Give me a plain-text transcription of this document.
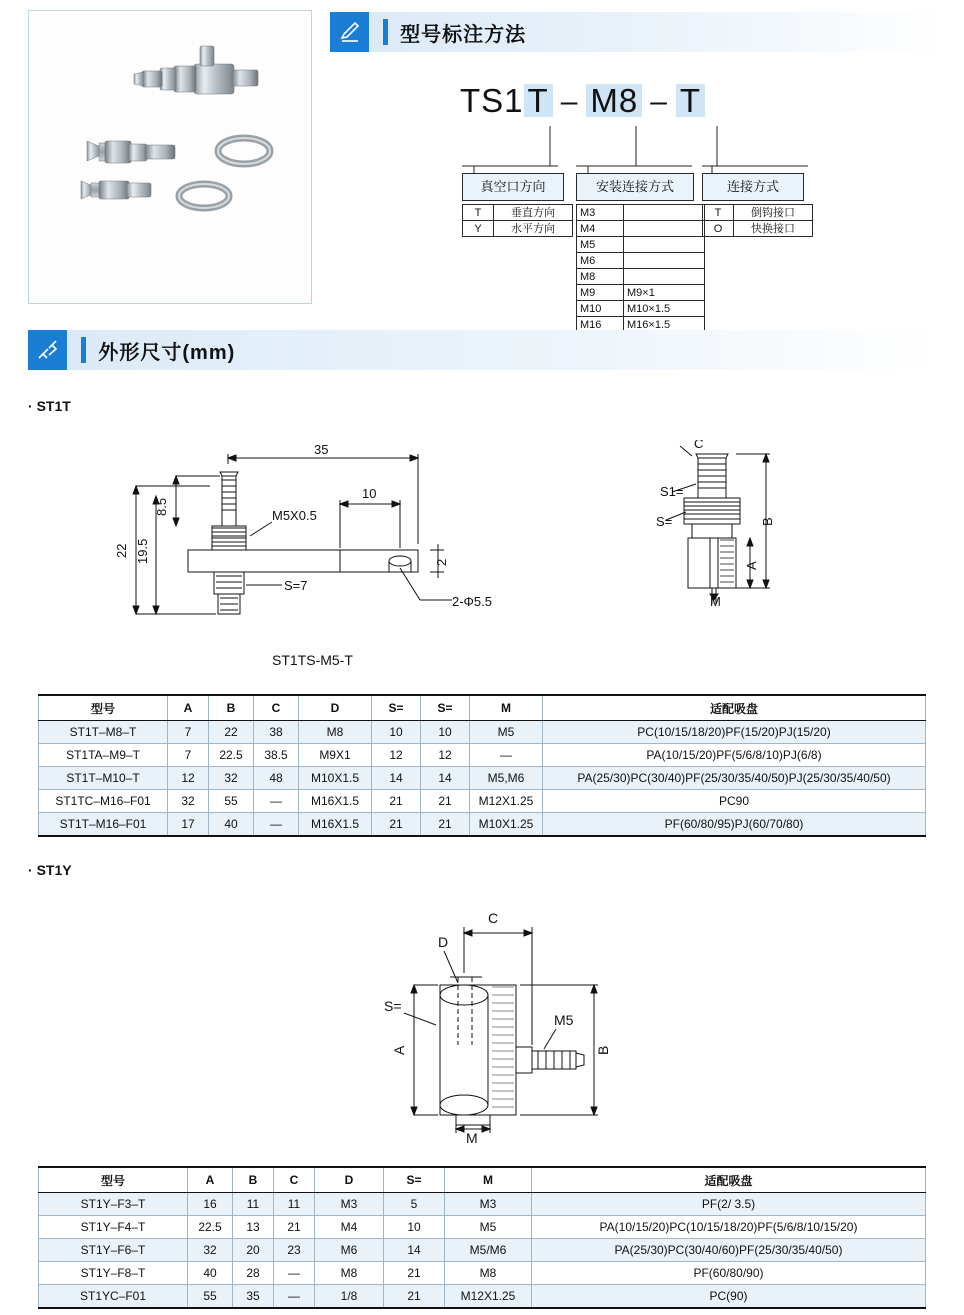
型号标注方法
TS1 T – M8 – T
真空口方向
T	垂直方向
Y	水平方向
安装连接方式
M3	
M4	
M5	
M6	
M8	
M9	M9×1
M10	M10×1.5
M16	M16×1.5

连接方式
T	倒钩接口
O	快换接口
外形尺寸(mm)
· ST1T
35
8.5
22 19.5
M5X0.5
10
2
S=7
2-Φ5.5
C
S1=
S=	B
A
M
ST1TS-M5-T
型号	A	B	C	D	S=	S=	M	适配吸盘
ST1T–M8–T	7	22	38	M8	10	10	M5	PC(10/15/18/20)PF(15/20)PJ(15/20)
ST1TA–M9–T	7	22.5	38.5	M9X1	12	12	—	PA(10/15/20)PF(5/6/8/10)PJ(6/8)
ST1T–M10–T	12	32	48	M10X1.5	14	14	M5,M6	PA(25/30)PC(30/40)PF(25/30/35/40/50)PJ(25/30/35/40/50)
ST1TC–M16–F01	32	55	—	M16X1.5	21	21	M12X1.25	PC90
ST1T–M16–F01	17	40	—	M16X1.5	21	21	M10X1.25	PF(60/80/95)PJ(60/70/80)
· ST1Y
C
D
S=
M5
B
A
M
型号	A	B	C	D	S=	M	适配吸盘
ST1Y–F3–T	16	11	11	M3	5	M3	PF(2/ 3.5)
ST1Y–F4–T	22.5	13	21	M4	10	M5	PA(10/15/20)PC(10/15/18/20)PF(5/6/8/10/15/20)
ST1Y–F6–T	32	20	23	M6	14	M5/M6	PA(25/30)PC(30/40/60)PF(25/30/35/40/50)
ST1Y–F8–T	40	28	—	M8	21	M8	PF(60/80/90)
ST1YC–F01	55	35	—	1/8	21	M12X1.25	PC(90)
